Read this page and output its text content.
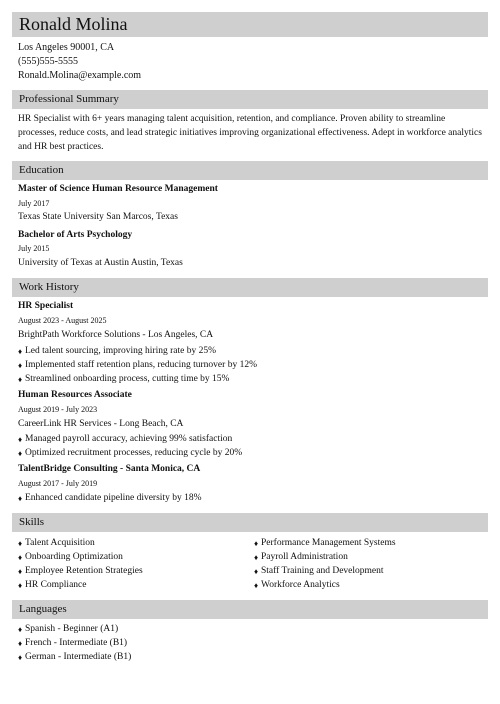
Ronald Molina
Los Angeles 90001, CA
(555)555-5555
Ronald.Molina@example.com
Professional Summary
HR Specialist with 6+ years managing talent acquisition, retention, and compliance. Proven ability to streamline processes, reduce costs, and lead strategic initiatives improving organizational effectiveness. Adept in workforce analytics and HR best practices.
Education
Master of Science Human Resource Management
July 2017
Texas State University San Marcos, Texas
Bachelor of Arts Psychology
July 2015
University of Texas at Austin Austin, Texas
Work History
HR Specialist
August 2023 - August 2025
BrightPath Workforce Solutions - Los Angeles, CA
♦ Led talent sourcing, improving hiring rate by 25%
♦ Implemented staff retention plans, reducing turnover by 12%
♦ Streamlined onboarding process, cutting time by 15%
Human Resources Associate
August 2019 - July 2023
CareerLink HR Services - Long Beach, CA
♦ Managed payroll accuracy, achieving 99% satisfaction
♦ Optimized recruitment processes, reducing cycle by 20%
TalentBridge Consulting - Santa Monica, CA
August 2017 - July 2019
♦ Enhanced candidate pipeline diversity by 18%
Skills
♦ Talent Acquisition
♦ Onboarding Optimization
♦ Employee Retention Strategies
♦ HR Compliance
♦ Performance Management Systems
♦ Payroll Administration
♦ Staff Training and Development
♦ Workforce Analytics
Languages
♦ Spanish - Beginner (A1)
♦ French - Intermediate (B1)
♦ German - Intermediate (B1)
